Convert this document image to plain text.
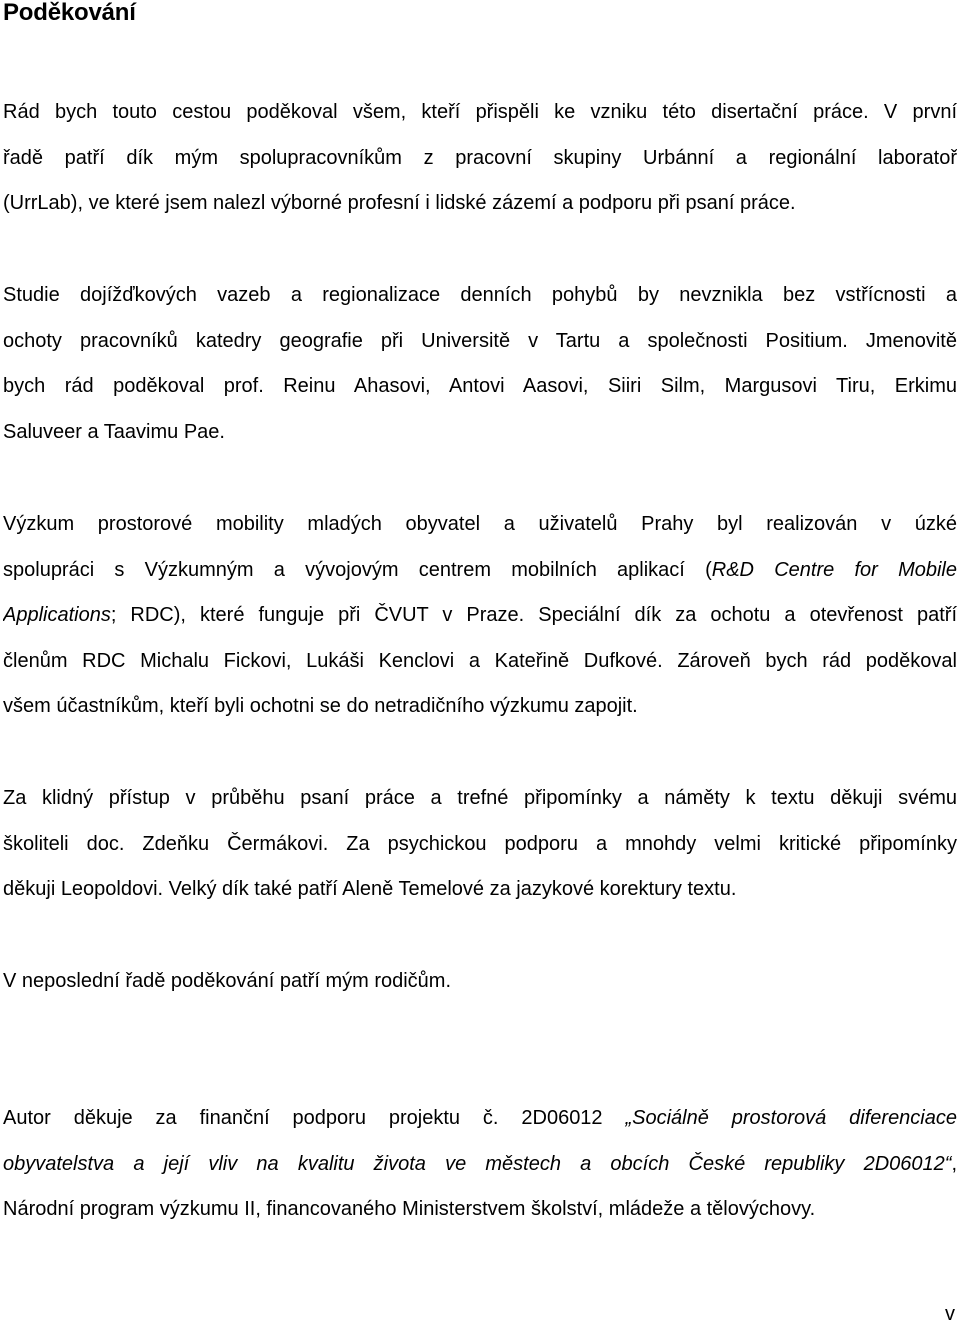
Poděkování
Rád bych touto cestou poděkoval všem, kteří přispěli ke vzniku této disertační práce. V první
řadě patří dík mým spolupracovníkům z pracovní skupiny Urbánní a regionální laboratoř
(UrrLab), ve které jsem nalezl výborné profesní i lidské zázemí a podporu při psaní práce.
Studie dojížďkových vazeb a regionalizace denních pohybů by nevznikla bez vstřícnosti a
ochoty pracovníků katedry geografie při Universitě v Tartu a společnosti Positium. Jmenovitě
bych rád poděkoval prof. Reinu Ahasovi, Antovi Aasovi, Siiri Silm, Margusovi Tiru, Erkimu
Saluveer a Taavimu Pae.
Výzkum prostorové mobility mladých obyvatel a uživatelů Prahy byl realizován v úzké
spolupráci s Výzkumným a vývojovým centrem mobilních aplikací (R&D Centre for Mobile
Applications; RDC), které funguje při ČVUT v Praze. Speciální dík za ochotu a otevřenost patří
členům RDC Michalu Fickovi, Lukáši Kenclovi a Kateřině Dufkové. Zároveň bych rád poděkoval
všem účastníkům, kteří byli ochotni se do netradičního výzkumu zapojit.
Za klidný přístup v průběhu psaní práce a trefné připomínky a náměty k textu děkuji svému
školiteli doc. Zdeňku Čermákovi. Za psychickou podporu a mnohdy velmi kritické připomínky
děkuji Leopoldovi. Velký dík také patří Aleně Temelové za jazykové korektury textu.
V neposlední řadě poděkování patří mým rodičům.
Autor děkuje za finanční podporu projektu č. 2D06012 „Sociálně prostorová diferenciace
obyvatelstva a její vliv na kvalitu života ve městech a obcích České republiky 2D06012“,
Národní program výzkumu II, financovaného Ministerstvem školství, mládeže a tělovýchovy.
v
